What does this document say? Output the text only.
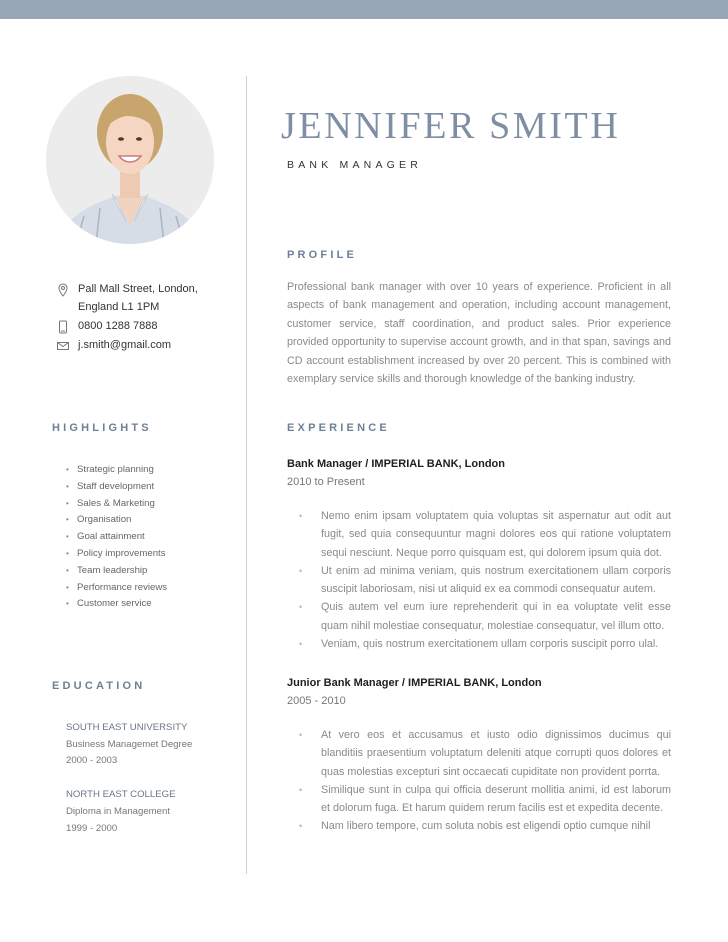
Pall Mall Street, London,
England L1 1PM
0800 1288 7888
j.smith@gmail.com
HIGHLIGHTS
• Strategic planning
• Staff development
• Sales & Marketing
• Organisation
• Goal attainment
• Policy improvements
• Team leadership
• Performance reviews
• Customer service
EDUCATION
SOUTH EAST UNIVERSITY
Business Managemet Degree
2000 - 2003
NORTH EAST COLLEGE
Diploma in Management
1999 - 2000
JENNIFER SMITH
BANK MANAGER
PROFILE
Professional bank manager with over 10 years of experience. Proficient in all aspects of bank management and operation, including account management, customer service, staff coordination, and product sales. Prior experience provided opportunity to supervise account growth, and in that span, savings and CD account establishment increased by over 20 percent. This is combined with exemplary service skills and thorough knowledge of the banking industry.
EXPERIENCE
Bank Manager / IMPERIAL BANK, London
2010 to Present
• Nemo enim ipsam voluptatem quia voluptas sit aspernatur aut odit aut fugit, sed quia consequuntur magni dolores eos qui ratione voluptatem sequi nesciunt. Neque porro quisquam est, qui dolorem ipsum quia dot.
• Ut enim ad minima veniam, quis nostrum exercitationem ullam corporis suscipit laboriosam, nisi ut aliquid ex ea commodi consequatur autem.
• Quis autem vel eum iure reprehenderit qui in ea voluptate velit esse quam nihil molestiae consequatur, molestiae consequatur, vel illum otto.
• Veniam, quis nostrum exercitationem ullam corporis suscipit porro ulal.
Junior Bank Manager / IMPERIAL BANK, London
2005 - 2010
• At vero eos et accusamus et iusto odio dignissimos ducimus qui blanditiis praesentium voluptatum deleniti atque corrupti quos dolores et quas molestias excepturi sint occaecati cupiditate non provident porrta.
• Similique sunt in culpa qui officia deserunt mollitia animi, id est laborum et dolorum fuga. Et harum quidem rerum facilis est et expedita decente.
• Nam libero tempore, cum soluta nobis est eligendi optio cumque nihil
